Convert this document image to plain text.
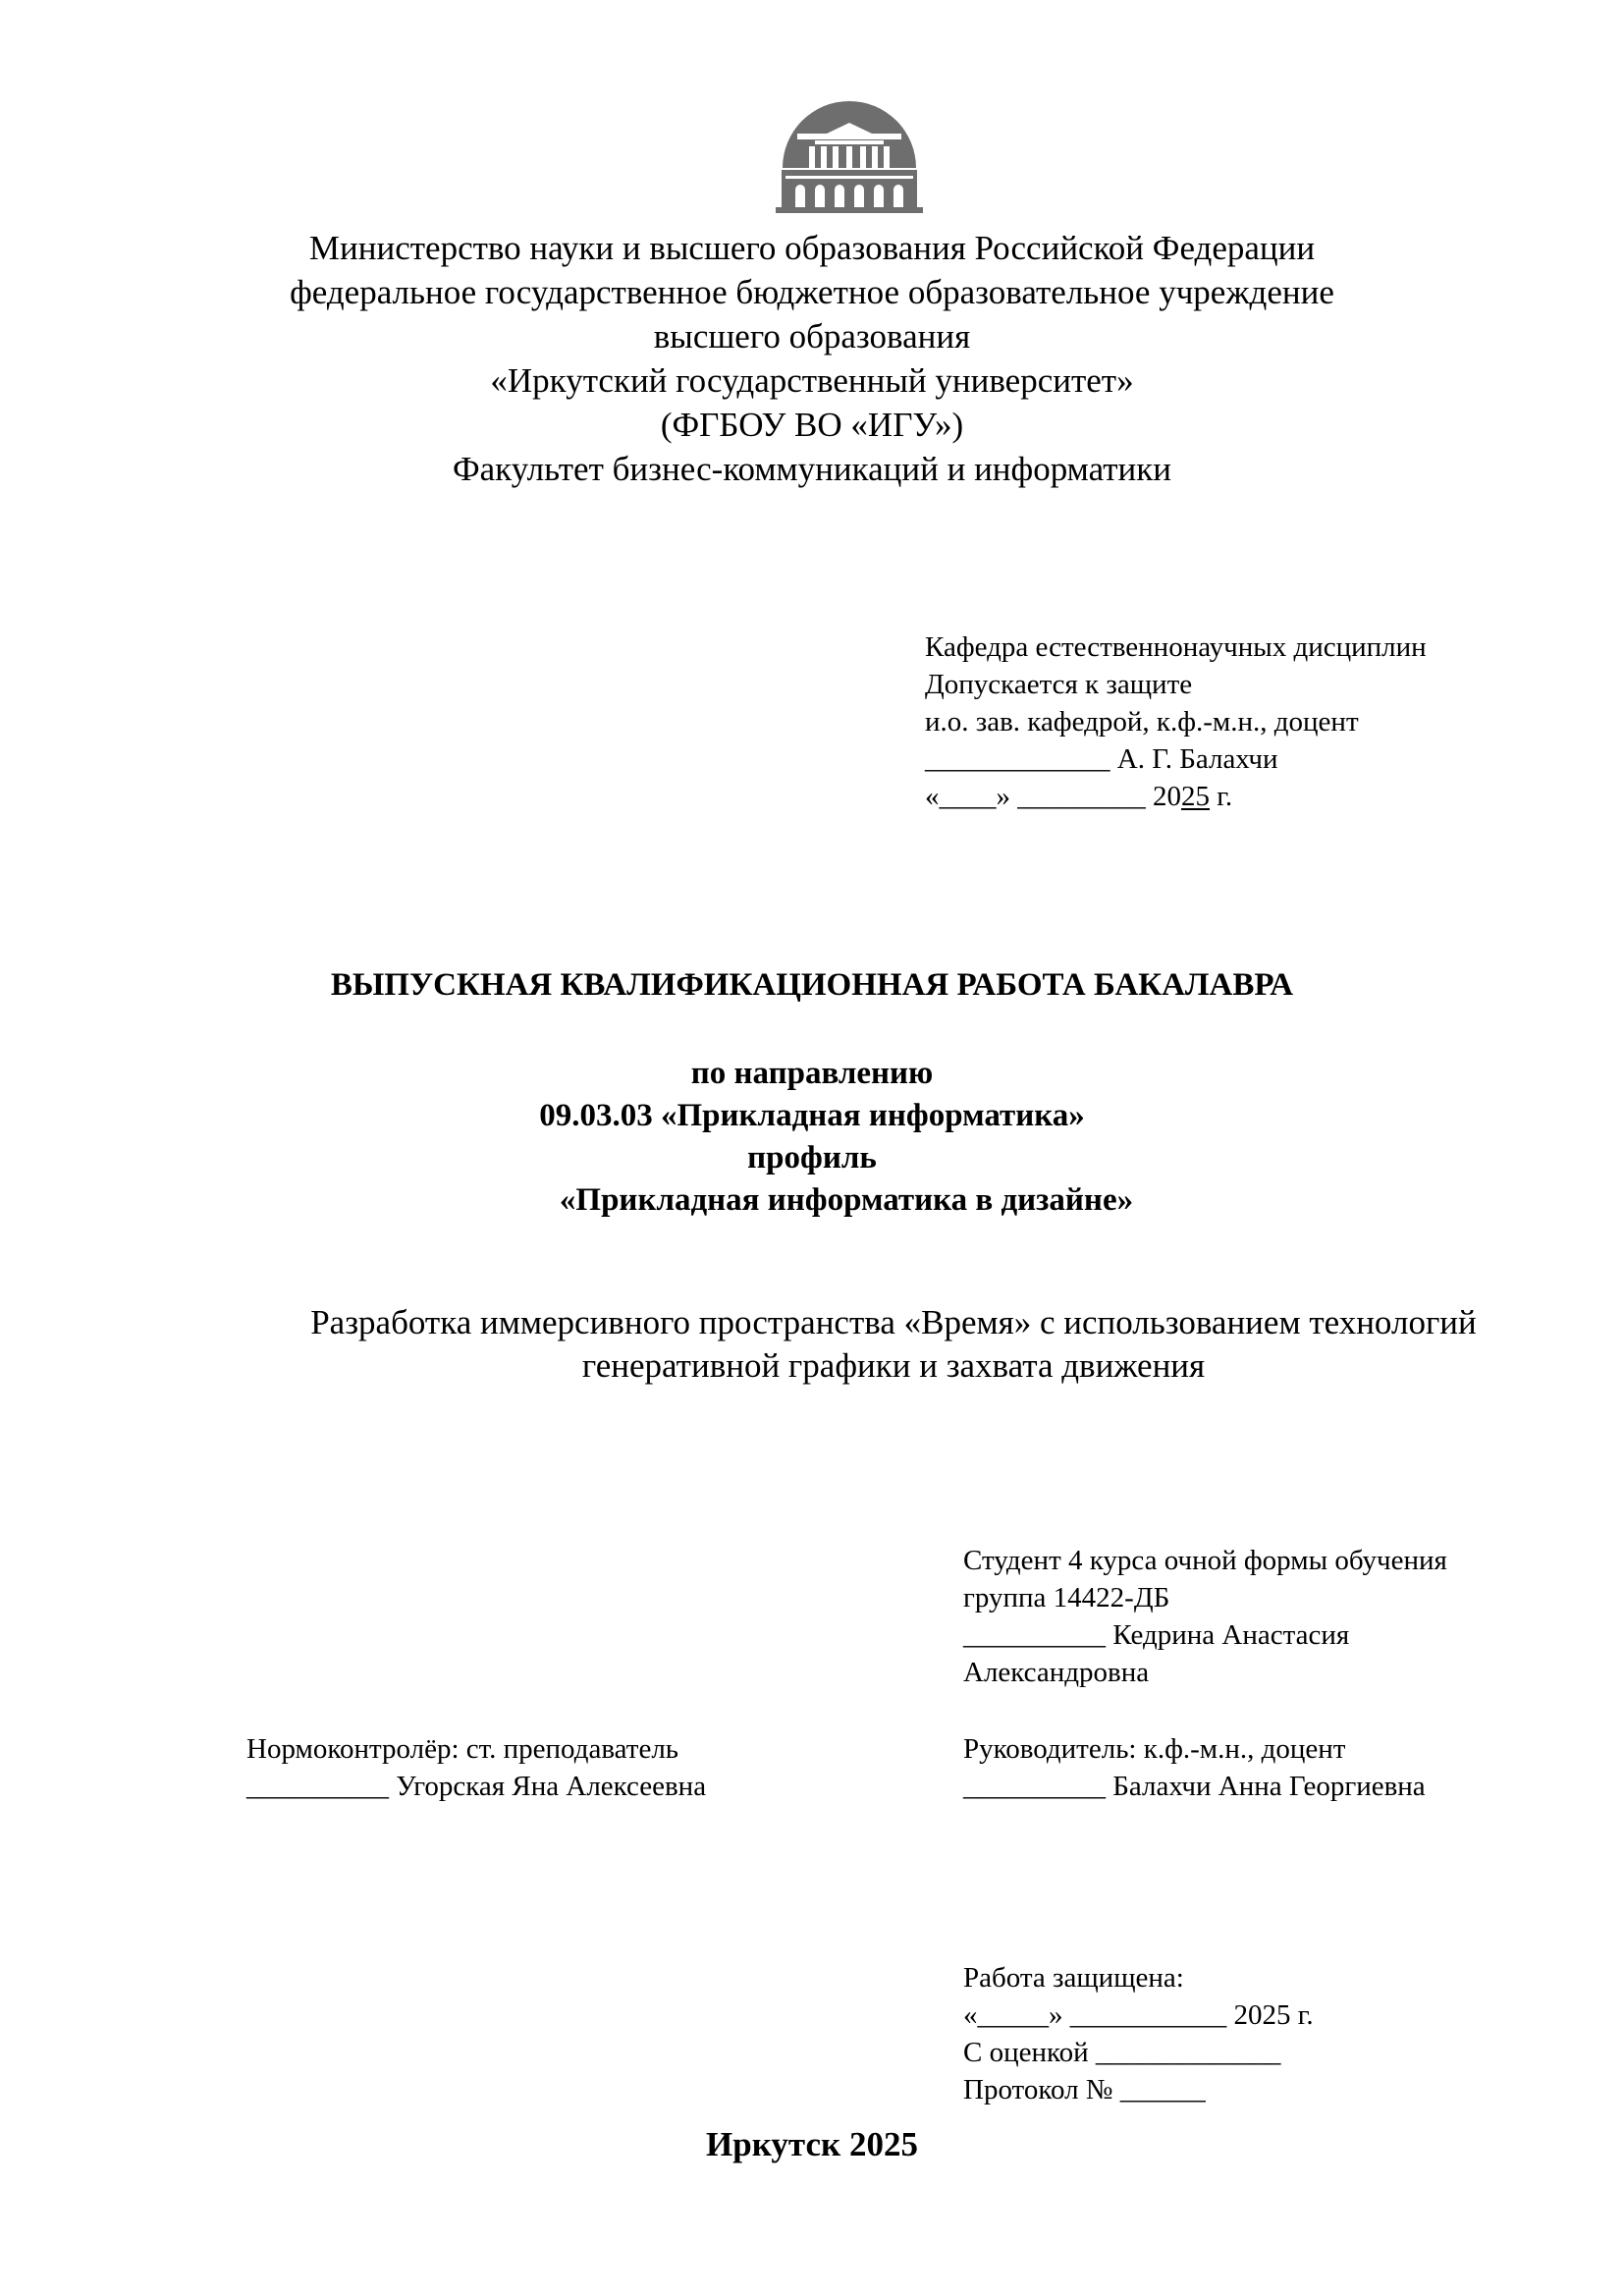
Министерство науки и высшего образования Российской Федерации
федеральное государственное бюджетное образовательное учреждение
высшего образования
«Иркутский государственный университет»
(ФГБОУ ВО «ИГУ»)
Факультет бизнес-коммуникаций и информатики
Кафедра естественнонаучных дисциплин
Допускается к защите
и.о. зав. кафедрой, к.ф.-м.н., доцент
_____________ А. Г. Балахчи
«____» _________ 2025 г.
ВЫПУСКНАЯ КВАЛИФИКАЦИОННАЯ РАБОТА БАКАЛАВРА
по направлению
09.03.03 «Прикладная информатика»
профиль
«Прикладная информатика в дизайне»
Разработка иммерсивного пространства «Время» с использованием технологий
генеративной графики и захвата движения
Студент 4 курса очной формы обучения
группа 14422-ДБ
__________ Кедрина Анастасия
Александровна
Нормоконтролёр: ст. преподаватель
__________ Угорская Яна Алексеевна
Руководитель: к.ф.-м.н., доцент
__________ Балахчи Анна Георгиевна
Работа защищена:
«_____» ___________ 2025 г.
С оценкой _____________
Протокол № ______
Иркутск 2025
